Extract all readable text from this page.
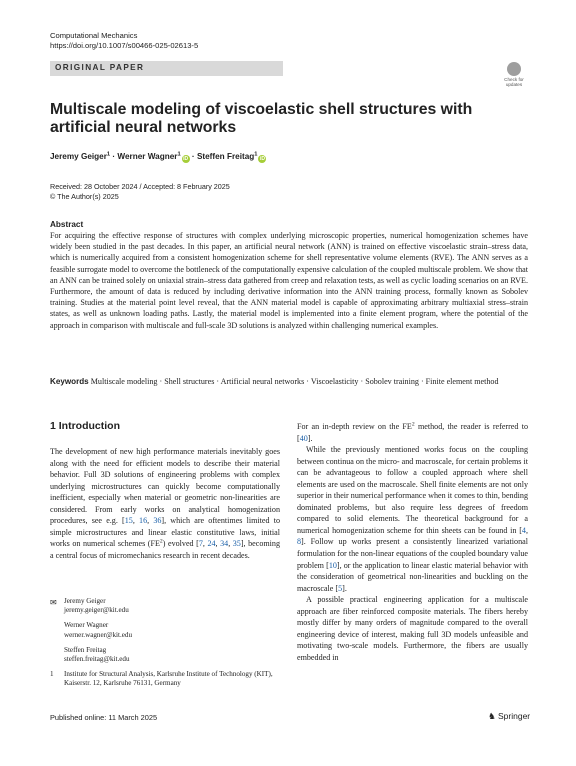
Computational Mechanics
https://doi.org/10.1007/s00466-025-02613-5
ORIGINAL PAPER
Check for
updates
Multiscale modeling of viscoelastic shell structures with artificial neural networks
Jeremy Geiger$^1$ · Werner Wagner$^1$iD · Steffen Freitag$^1$iD
Received: 28 October 2024 / Accepted: 8 February 2025
© The Author(s) 2025
Abstract
For acquiring the effective response of structures with complex underlying microscopic properties, numerical homogenization schemes have widely been studied in the past decades. In this paper, an artificial neural network (ANN) is trained on effective viscoelastic strain–stress data, which is numerically acquired from a consistent homogenization scheme for shell representative volume elements (RVE). The ANN serves as a feasible surrogate model to overcome the bottleneck of the computationally expensive calculation of the coupled multiscale problem. We show that an ANN can be trained solely on uniaxial strain–stress data gathered from creep and relaxation tests, as well as cyclic loading scenarios on an RVE. Furthermore, the amount of data is reduced by including derivative information into the ANN training process, formally known as Sobolev training. Studies at the material point level reveal, that the ANN material model is capable of approximating arbitrary multiaxial stress–strain states, as well as unknown loading paths. Lastly, the material model is implemented into a finite element program, where the potential of the approach in comparison with multiscale and full-scale 3D solutions is analyzed within challenging numerical examples.
Keywords Multiscale modeling · Shell structures · Artificial neural networks · Viscoelasticity · Sobolev training · Finite element method
1 Introduction

The development of new high performance materials inevitably goes along with the need for efficient models to describe their material behavior. Full 3D solutions of engineering problems with complex underlying microstructures can quickly become computationally inefficient, especially when material or geometric non-linearities are considered. From early works on analytical homogenization procedures, see e.g. [15, 16, 36], which are oftentimes limited to simple microstructures and linear elastic constitutive laws, initial works on numerical schemes $(FE^2)$ evolved [7, 24, 34, 35], becoming a central focus of micromechanics research in recent decades.

For an in-depth review on the $FE^2$ method, the reader is referred to [40].

While the previously mentioned works focus on the coupling between continua on the micro- and macroscale, for certain problems it can be advantageous to follow a coupled approach where shell elements are used on the macroscale. Shell finite elements are not only superior in their numerical performance when it comes to thin, bending dominated problems, but also require less degrees of freedom compared to solid elements. The theoretical background for a numerical homogenization scheme for thin sheets can be found in [4, 8]. Follow up works present a consistently linearized variational formulation for the non-linear equations of the coupled boundary value problem [10], or the application to linear elastic material behavior with the consideration of geometrical non-linearities and buckling on the macroscale [5].

A possible practical engineering application for a multiscale approach are fiber reinforced composite materials. The fibers hereby mostly differ by many orders of magnitude compared to the overall engineering device of interest, making full 3D models unfeasible and motivating two-scale models. Furthermore, the fibers are usually embedded in

✉ Jeremy Geiger
jeremy.geiger@kit.edu
Werner Wagner
werner.wagner@kit.edu
Steffen Freitag
steffen.freitag@kit.edu
1 Institute for Structural Analysis, Karlsruhe Institute of Technology (KIT), Kaiserstr. 12, Karlsruhe 76131, Germany
Published online: 11 March 2025	♞ Springer
